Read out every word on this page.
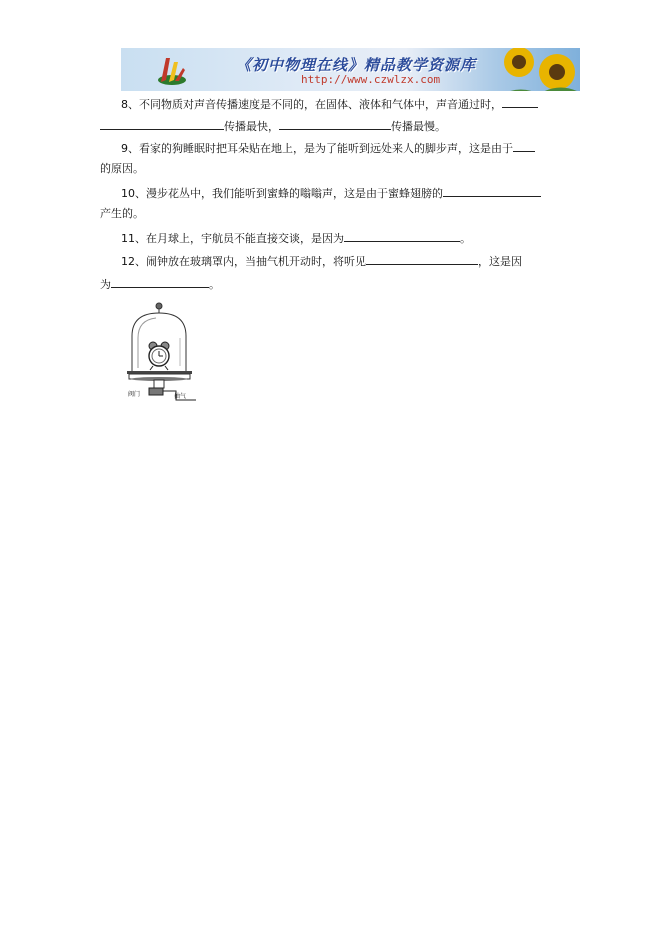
《初中物理在线》精品教学资源库
http://www.czwlzx.com
8、不同物质对声音传播速度是不同的，在固体、液体和气体中，声音通过时，
传播最快，	传播最慢。
9、看家的狗睡眠时把耳朵贴在地上，是为了能听到远处来人的脚步声，这是由于
的原因。
10、漫步花丛中，我们能听到蜜蜂的嗡嗡声，这是由于蜜蜂翅膀的
产生的。
11、在月球上，宇航员不能直接交谈，是因为	。
12、闹钟放在玻璃罩内，当抽气机开动时，将听见	，这是因
为	。
阀门	抽气
